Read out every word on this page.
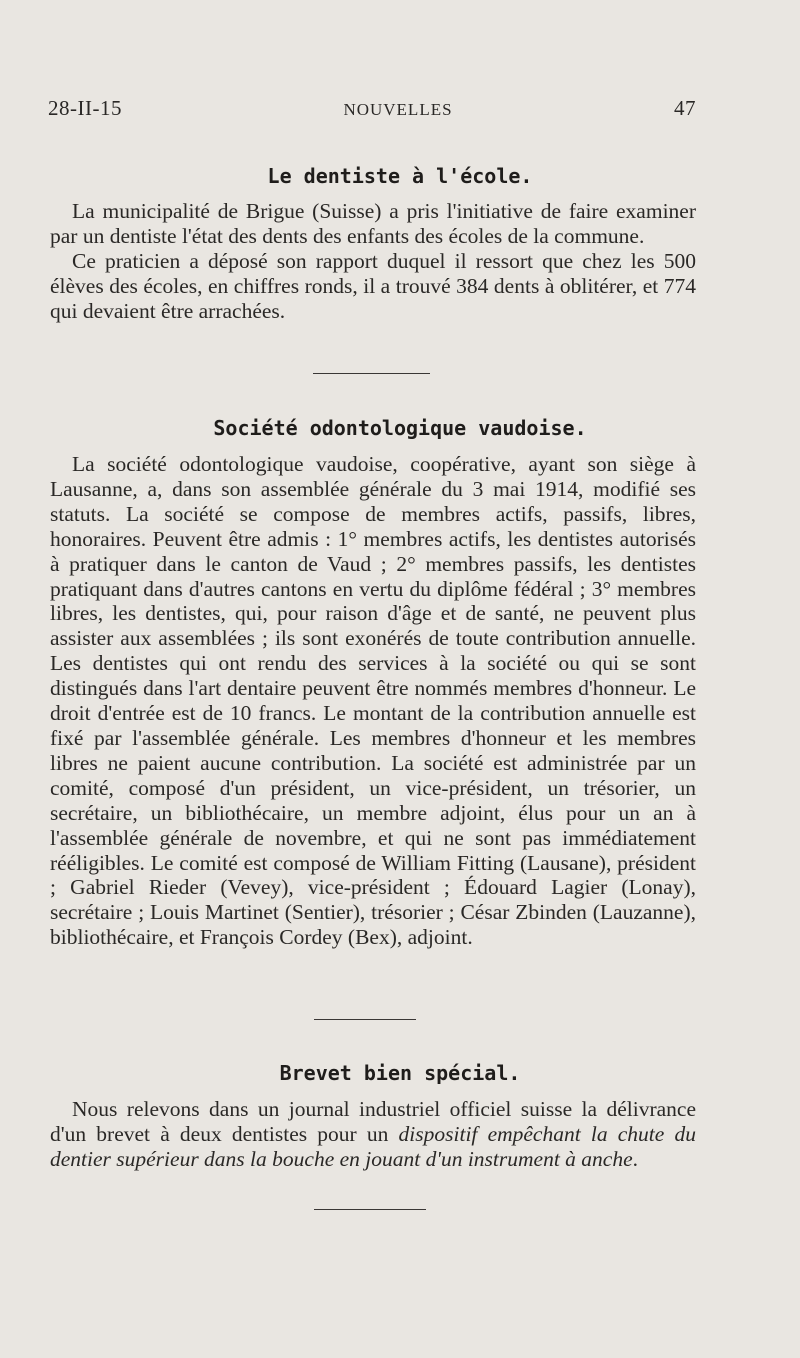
28-II-15	NOUVELLES	47
Le dentiste à l'école.

La municipalité de Brigue (Suisse) a pris l'initiative de faire examiner par un dentiste l'état des dents des enfants des écoles de la commune.

Ce praticien a déposé son rapport duquel il ressort que chez les 500 élèves des écoles, en chiffres ronds, il a trouvé 384 dents à oblitérer, et 774 qui devaient être arrachées.

Société odontologique vaudoise.

La société odontologique vaudoise, coopérative, ayant son siège à Lausanne, a, dans son assemblée générale du 3 mai 1914, modifié ses statuts. La société se compose de membres actifs, passifs, libres, honoraires. Peuvent être admis : 1° membres actifs, les dentistes autorisés à pratiquer dans le canton de Vaud ; 2° membres passifs, les dentistes pratiquant dans d'autres cantons en vertu du diplôme fédéral ; 3° membres libres, les dentistes, qui, pour raison d'âge et de santé, ne peuvent plus assister aux assemblées ; ils sont exonérés de toute contribution annuelle. Les dentistes qui ont rendu des services à la société ou qui se sont distingués dans l'art dentaire peuvent être nommés membres d'honneur. Le droit d'entrée est de 10 francs. Le montant de la contribution annuelle est fixé par l'assemblée générale. Les membres d'honneur et les membres libres ne paient aucune contribution. La société est administrée par un comité, composé d'un président, un vice-président, un trésorier, un secrétaire, un bibliothécaire, un membre adjoint, élus pour un an à l'assemblée générale de novembre, et qui ne sont pas immédiatement rééligibles. Le comité est composé de William Fitting (Lausane), président ; Gabriel Rieder (Vevey), vice-président ; Édouard Lagier (Lonay), secrétaire ; Louis Martinet (Sentier), trésorier ; César Zbinden (Lauzanne), bibliothécaire, et François Cordey (Bex), adjoint.

Brevet bien spécial.

Nous relevons dans un journal industriel officiel suisse la délivrance d'un brevet à deux dentistes pour un dispositif empêchant la chute du dentier supérieur dans la bouche en jouant d'un instrument à anche.
